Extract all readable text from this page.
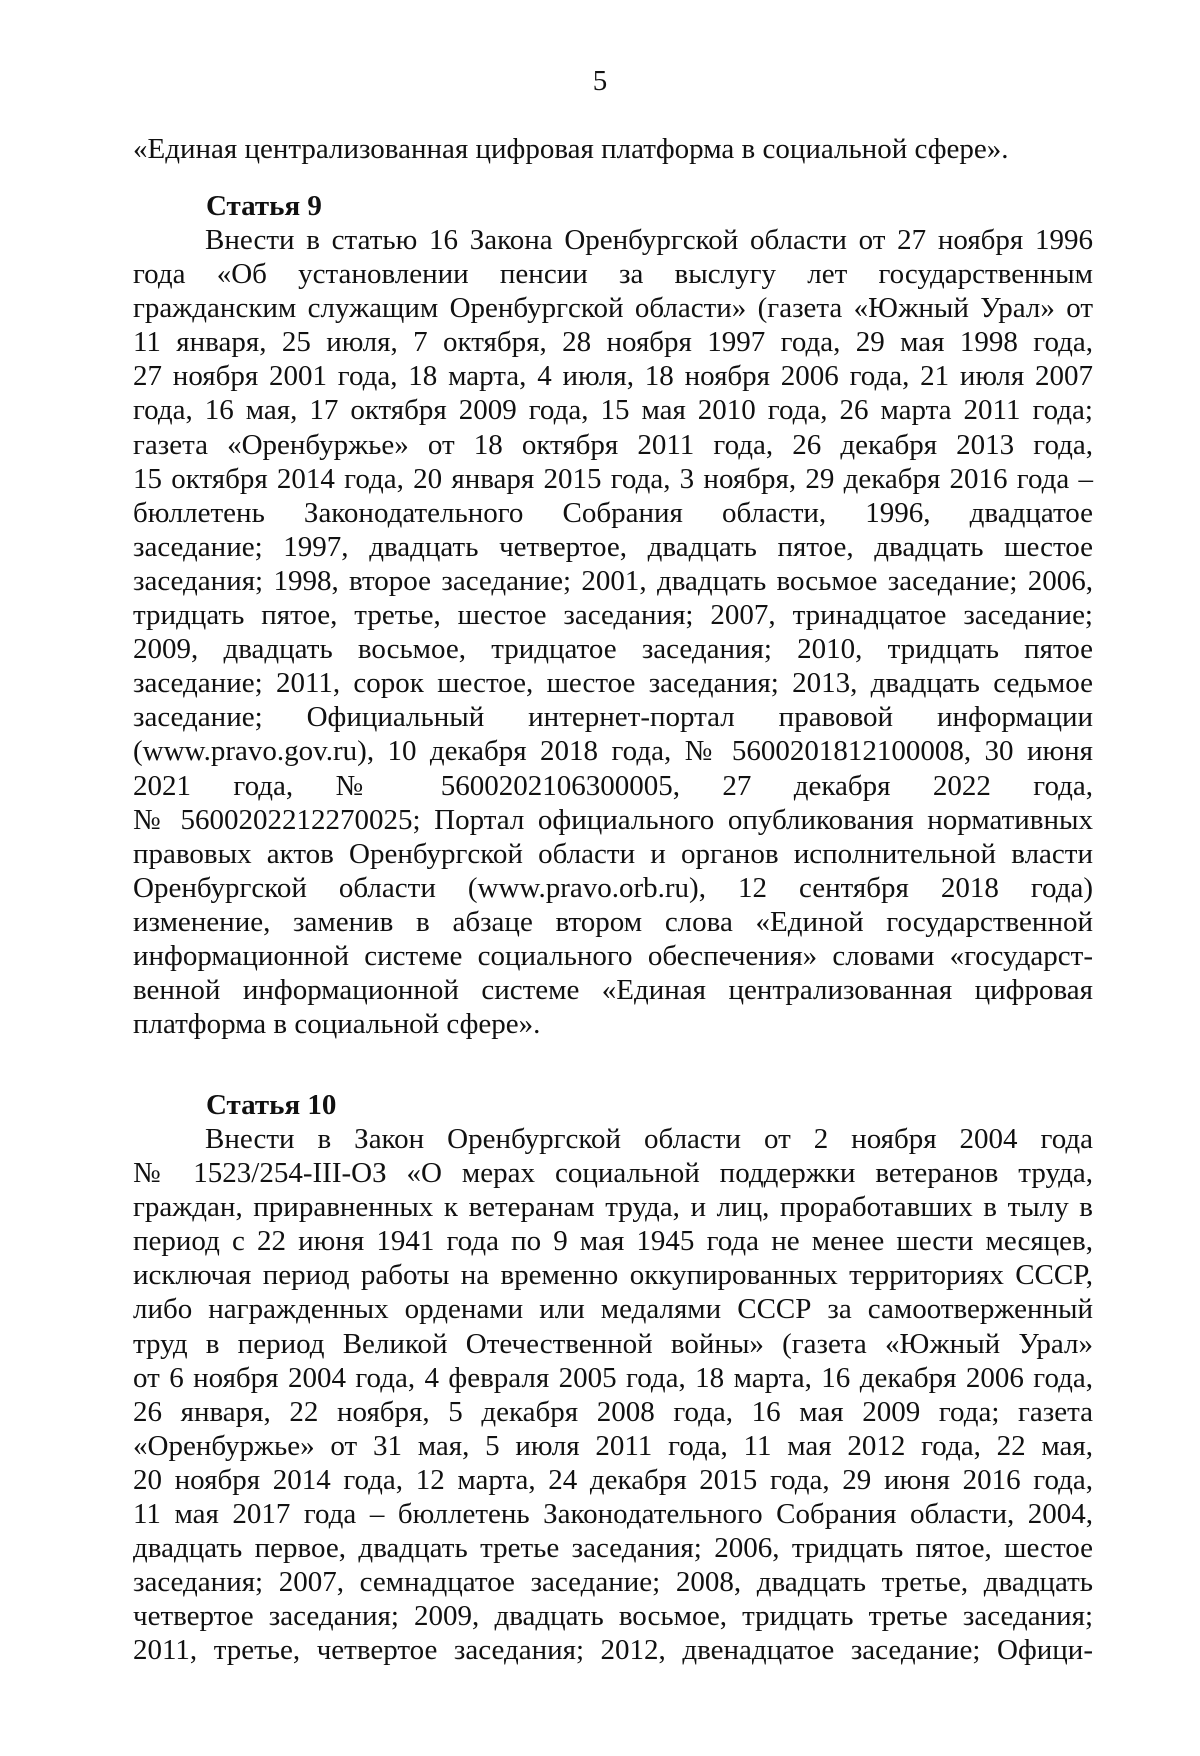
5
«Единая централизованная цифровая платформа в социальной сфере».
Статья 9
Внести в статью 16 Закона Оренбургской области от 27 ноября 1996
года «Об установлении пенсии за выслугу лет государственным
гражданским служащим Оренбургской области» (газета «Южный Урал» от
11 января, 25 июля, 7 октября, 28 ноября 1997 года, 29 мая 1998 года,
27 ноября 2001 года, 18 марта, 4 июля, 18 ноября 2006 года, 21 июля 2007
года, 16 мая, 17 октября 2009 года, 15 мая 2010 года, 26 марта 2011 года;
газета «Оренбуржье» от 18 октября 2011 года, 26 декабря 2013 года,
15 октября 2014 года, 20 января 2015 года, 3 ноября, 29 декабря 2016 года –
бюллетень Законодательного Собрания области, 1996, двадцатое
заседание; 1997, двадцать четвертое, двадцать пятое, двадцать шестое
заседания; 1998, второе заседание; 2001, двадцать восьмое заседание; 2006,
тридцать пятое, третье, шестое заседания; 2007, тринадцатое заседание;
2009, двадцать восьмое, тридцатое заседания; 2010, тридцать пятое
заседание; 2011, сорок шестое, шестое заседания; 2013, двадцать седьмое
заседание; Официальный интернет-портал правовой информации
(www.pravo.gov.ru), 10 декабря 2018 года, № 5600201812100008, 30 июня
2021 года, № 5600202106300005, 27 декабря 2022 года,
№ 5600202212270025; Портал официального опубликования нормативных
правовых актов Оренбургской области и органов исполнительной власти
Оренбургской области (www.pravo.orb.ru), 12 сентября 2018 года)
изменение, заменив в абзаце втором слова «Единой государственной
информационной системе социального обеспечения» словами «государст-
венной информационной системе «Единая централизованная цифровая
платформа в социальной сфере».
Статья 10
Внести в Закон Оренбургской области от 2 ноября 2004 года
№ 1523/254-III-ОЗ «О мерах социальной поддержки ветеранов труда,
граждан, приравненных к ветеранам труда, и лиц, проработавших в тылу в
период с 22 июня 1941 года по 9 мая 1945 года не менее шести месяцев,
исключая период работы на временно оккупированных территориях СССР,
либо награжденных орденами или медалями СССР за самоотверженный
труд в период Великой Отечественной войны» (газета «Южный Урал»
от 6 ноября 2004 года, 4 февраля 2005 года, 18 марта, 16 декабря 2006 года,
26 января, 22 ноября, 5 декабря 2008 года, 16 мая 2009 года; газета
«Оренбуржье» от 31 мая, 5 июля 2011 года, 11 мая 2012 года, 22 мая,
20 ноября 2014 года, 12 марта, 24 декабря 2015 года, 29 июня 2016 года,
11 мая 2017 года – бюллетень Законодательного Собрания области, 2004,
двадцать первое, двадцать третье заседания; 2006, тридцать пятое, шестое
заседания; 2007, семнадцатое заседание; 2008, двадцать третье, двадцать
четвертое заседания; 2009, двадцать восьмое, тридцать третье заседания;
2011, третье, четвертое заседания; 2012, двенадцатое заседание; Офици-
